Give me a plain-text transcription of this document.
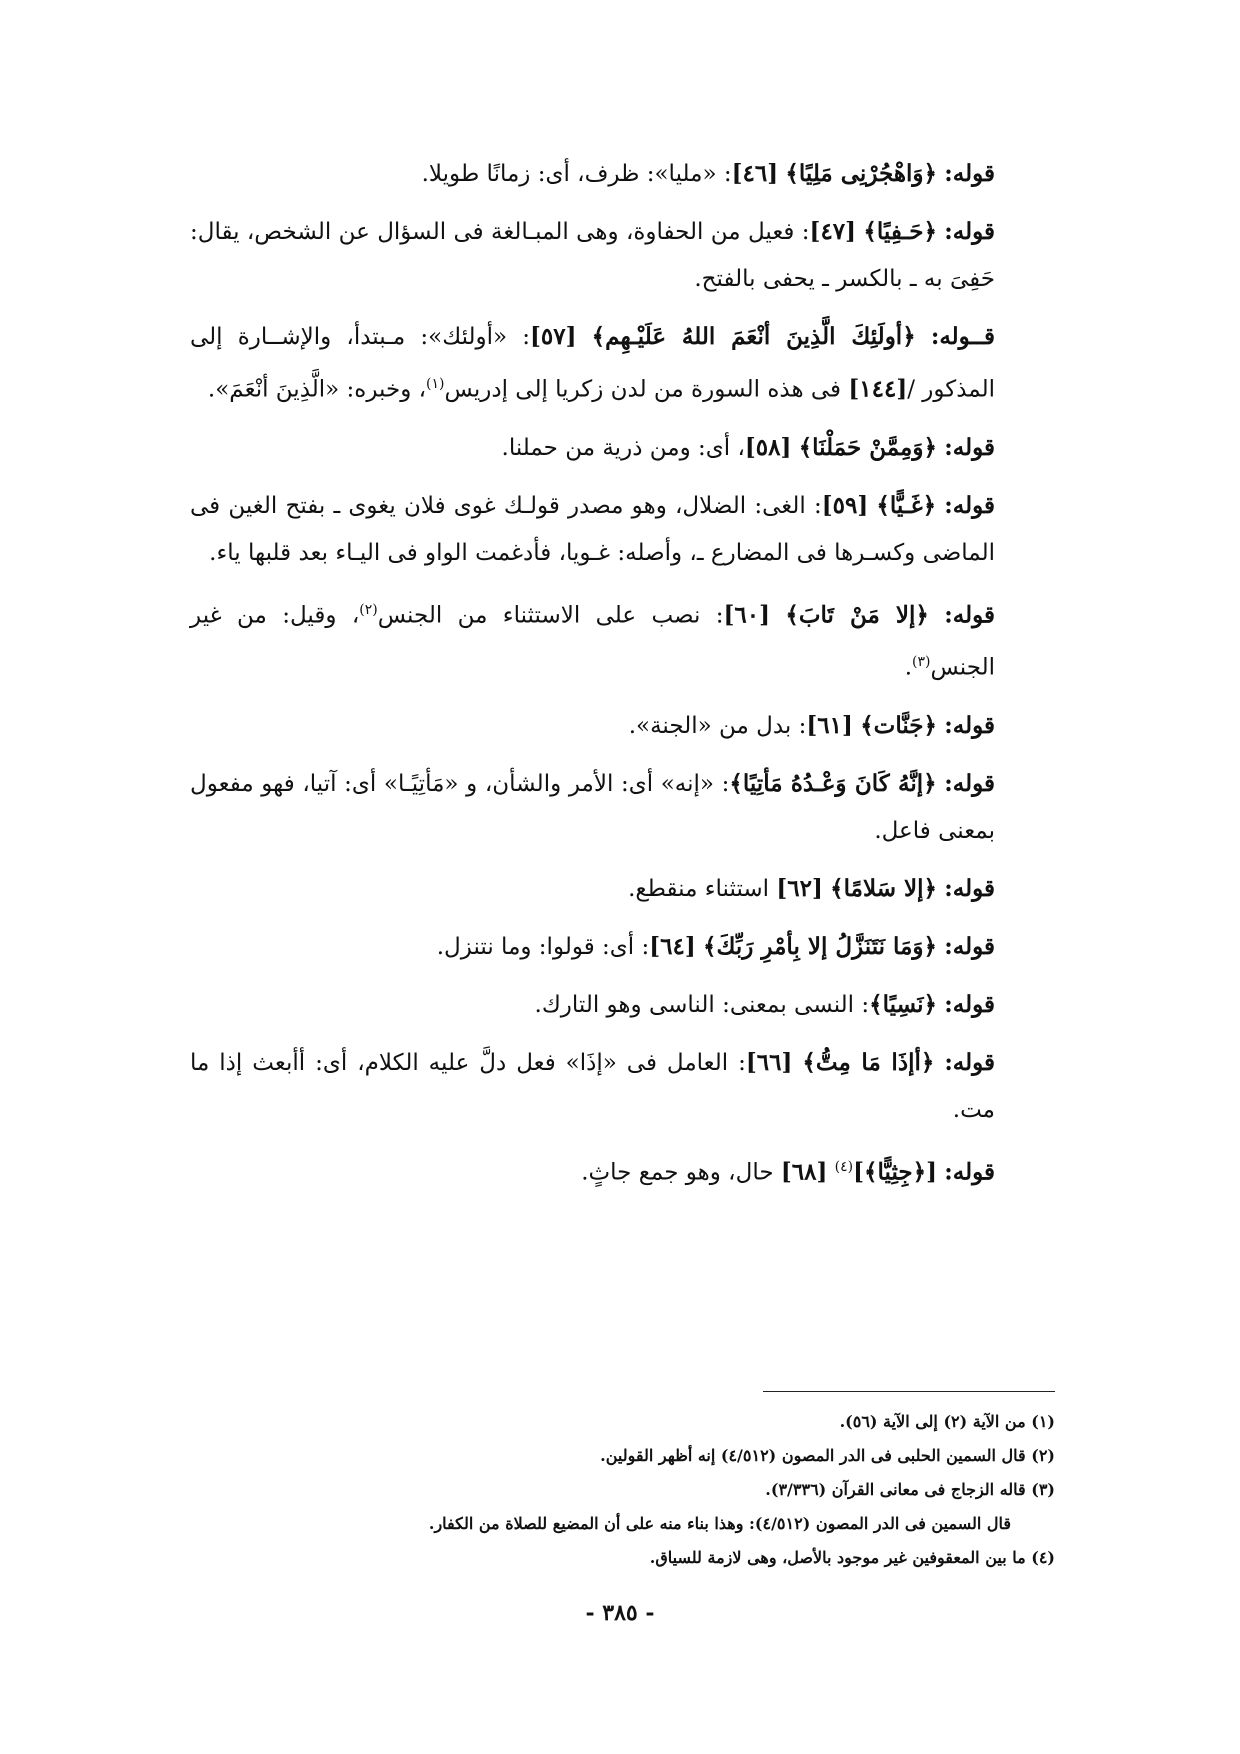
قوله: ﴿وَاهْجُرْنِى مَلِيًا﴾ [٤٦]: «مليا»: ظرف، أى: زمانًا طويلا.

قوله: ﴿حَـفِيًا﴾ [٤٧]: فعيل من الحفاوة، وهى المبـالغة فى السؤال عن الشخص، يقال: حَفِىَ به ـ بالكسر ـ يحفى بالفتح.

قــوله: ﴿أولَئِكَ الَّذِينَ أنْعَمَ اللهُ عَلَيْـهِم﴾ [٥٧]: «أولئك»: مـبتدأ، والإشــارة إلى المذكور /[١٤٤] فى هذه السورة من لدن زكريا إلى إدريس$^{(١)}$، وخبره: «الَّذِينَ أنْعَمَ».

قوله: ﴿وَمِمَّنْ حَمَلْنَا﴾ [٥٨]، أى: ومن ذرية من حملنا.

قوله: ﴿غَـيًّا﴾ [٥٩]: الغى: الضلال، وهو مصدر قولـك غوى فلان يغوى ـ بفتح الغين فى الماضى وكسـرها فى المضارع ـ، وأصله: غـويا، فأدغمت الواو فى اليـاء بعد قلبها ياء.

قوله: ﴿إلا مَنْ تَابَ﴾ [٦٠]: نصب على الاستثناء من الجنس$^{(٢)}$، وقيل: من غير الجنس$^{(٣)}$.

قوله: ﴿جَنَّات﴾ [٦١]: بدل من «الجنة».

قوله: ﴿إنَّهُ كَانَ وَعْـدُهُ مَأتِيًا﴾: «إنه» أى: الأمر والشأن، و «مَأتِيًـا» أى: آتيا، فهو مفعول بمعنى فاعل.

قوله: ﴿إلا سَلامًا﴾ [٦٢] استثناء منقطع.

قوله: ﴿وَمَا نَتَنَزَّلُ إلا بِأمْرِ رَبِّكَ﴾ [٦٤]: أى: قولوا: وما نتنزل.

قوله: ﴿نَسِيًا﴾: النسى بمعنى: الناسى وهو التارك.

قوله: ﴿أإذَا مَا مِتُّ﴾ [٦٦]: العامل فى «إذَا» فعل دلَّ عليه الكلام، أى: أأبعث إذا ما مت.

قوله: [﴿جِثِيًّا﴾]$^{(٤)}$ [٦٨] حال، وهو جمع جاثٍ.

(١) من الآية (٢) إلى الآية (٥٦).
(٢) قال السمين الحلبى فى الدر المصون (٤/٥١٢) إنه أظهر القولين.
(٣) قاله الزجاج فى معانى القرآن (٣/٣٣٦).
قال السمين فى الدر المصون (٤/٥١٢): وهذا بناء منه على أن المضيع للصلاة من الكفار.
(٤) ما بين المعقوفين غير موجود بالأصل، وهى لازمة للسياق.
- ٣٨٥ -
